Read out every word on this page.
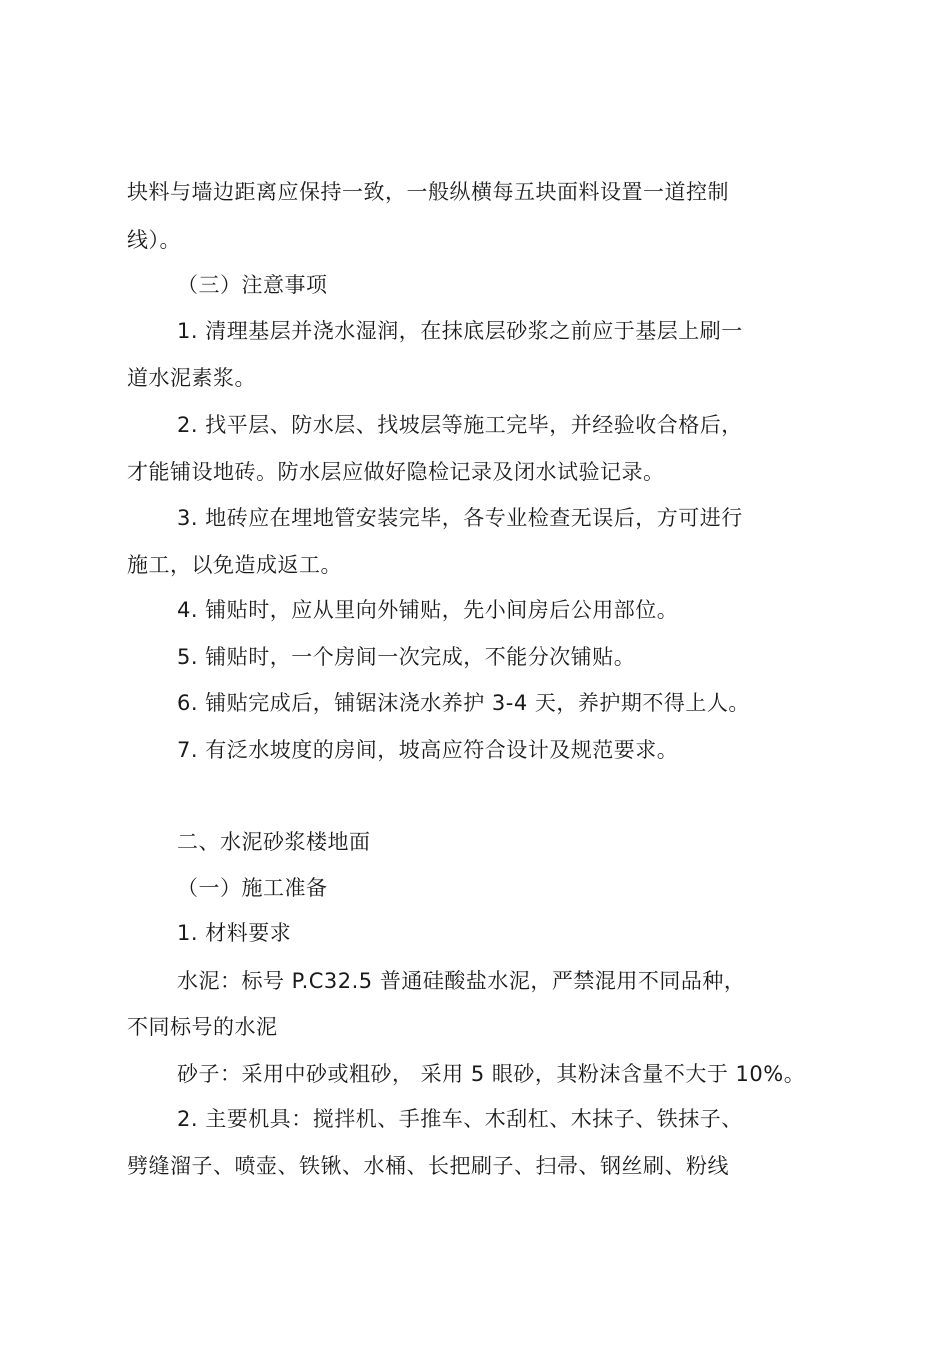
块料与墙边距离应保持一致，一般纵横每五块面料设置一道控制
线）。
（三）注意事项
1. 清理基层并浇水湿润，在抹底层砂浆之前应于基层上刷一
道水泥素浆。
2. 找平层、防水层、找坡层等施工完毕，并经验收合格后，
才能铺设地砖。防水层应做好隐检记录及闭水试验记录。
3. 地砖应在埋地管安装完毕，各专业检查无误后，方可进行
施工，以免造成返工。
4. 铺贴时，应从里向外铺贴，先小间房后公用部位。
5. 铺贴时，一个房间一次完成，不能分次铺贴。
6. 铺贴完成后，铺锯沫浇水养护 3-4 天，养护期不得上人。
7. 有泛水坡度的房间，坡高应符合设计及规范要求。
二、水泥砂浆楼地面
（一）施工准备
1. 材料要求
水泥：标号 P.C32.5 普通硅酸盐水泥，严禁混用不同品种，
不同标号的水泥
砂子：采用中砂或粗砂， 采用 5 眼砂，其粉沫含量不大于 10%。
2. 主要机具：搅拌机、手推车、木刮杠、木抹子、铁抹子、
劈缝溜子、喷壶、铁锹、水桶、长把刷子、扫帚、钢丝刷、粉线
